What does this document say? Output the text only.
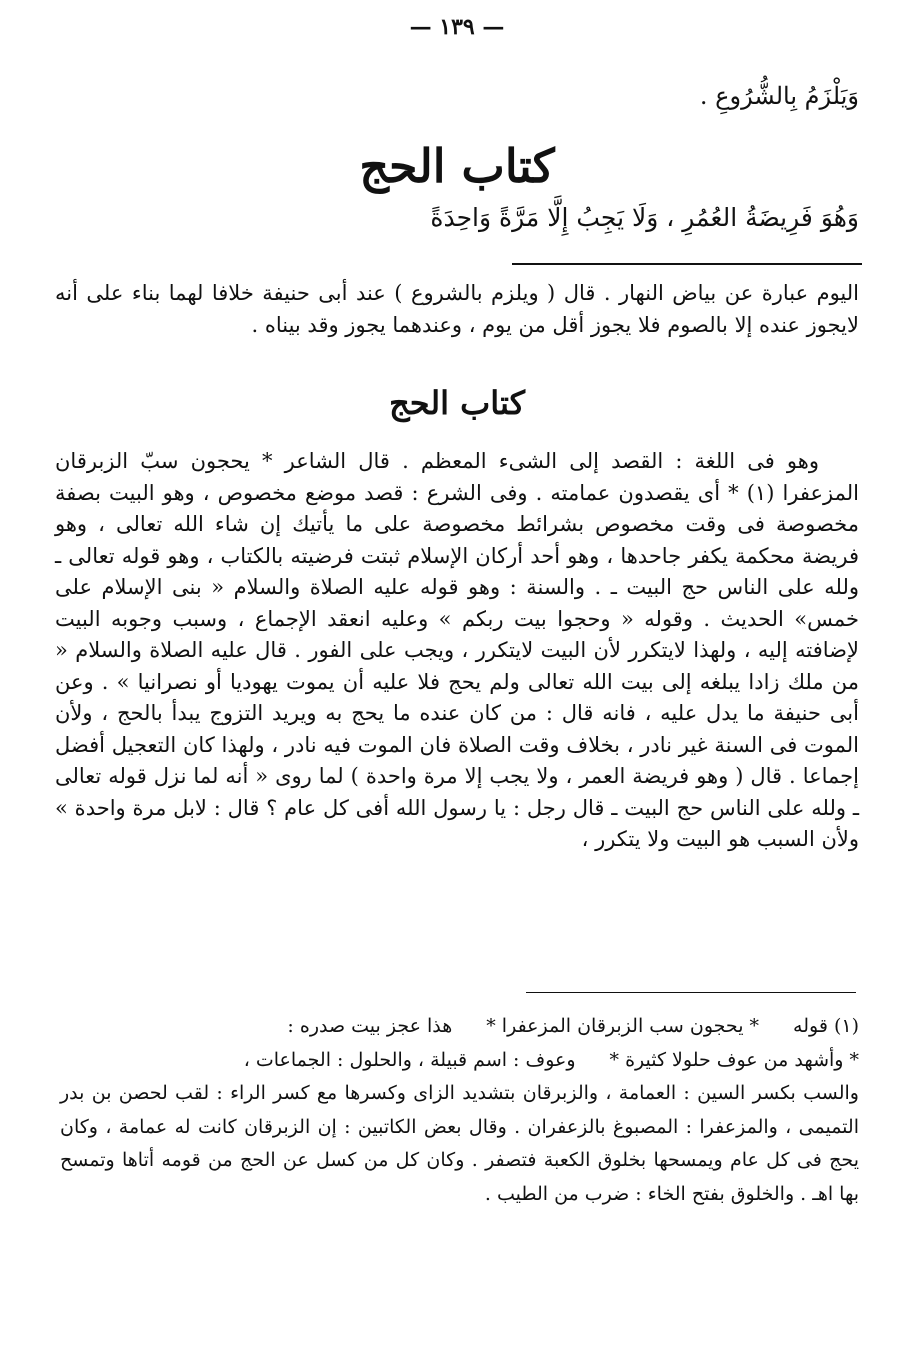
— ١٣٩ —
وَيَلْزَمُ بِالشُّرُوعِ .
كتاب الحج
وَهُوَ فَرِيضَةُ العُمُرِ ، وَلَا يَجِبُ إِلَّا مَرَّةً وَاحِدَةً

اليوم عبارة عن بياض النهار . قال ( ويلزم بالشروع ) عند أبى حنيفة خلافا لهما بناء على أنه لايجوز عنده إلا بالصوم فلا يجوز أقل من يوم ، وعندهما يجوز وقد بيناه .

كتاب الحج

وهو فى اللغة : القصد إلى الشىء المعظم . قال الشاعر * يحجون سبّ الزبرقان المزعفرا (١) * أى يقصدون عمامته . وفى الشرع : قصد موضع مخصوص ، وهو البيت بصفة مخصوصة فى وقت مخصوص بشرائط مخصوصة على ما يأتيك إن شاء الله تعالى ، وهو فريضة محكمة يكفر جاحدها ، وهو أحد أركان الإسلام ثبتت فرضيته بالكتاب ، وهو قوله تعالى ـ ولله على الناس حج البيت ـ . والسنة : وهو قوله عليه الصلاة والسلام « بنى الإسلام على خمس» الحديث . وقوله « وحجوا بيت ربكم » وعليه انعقد الإجماع ، وسبب وجوبه البيت لإضافته إليه ، ولهذا لايتكرر لأن البيت لايتكرر ، ويجب على الفور . قال عليه الصلاة والسلام « من ملك زادا يبلغه إلى بيت الله تعالى ولم يحج فلا عليه أن يموت يهوديا أو نصرانيا » . وعن أبى حنيفة ما يدل عليه ، فانه قال : من كان عنده ما يحج به ويريد التزوج يبدأ بالحج ، ولأن الموت فى السنة غير نادر ، بخلاف وقت الصلاة فان الموت فيه نادر ، ولهذا كان التعجيل أفضل إجماعا . قال ( وهو فريضة العمر ، ولا يجب إلا مرة واحدة ) لما روى « أنه لما نزل قوله تعالى ـ ولله على الناس حج البيت ـ قال رجل : يا رسول الله أفى كل عام ؟ قال : لابل مرة واحدة » ولأن السبب هو البيت ولا يتكرر ،

(١) قوله
* يحجون سب الزبرقان المزعفرا *
هذا عجز بيت صدره :
* وأشهد من عوف حلولا كثيرة *
وعوف : اسم قبيلة ، والحلول : الجماعات ،

والسب بكسر السين : العمامة ، والزبرقان بتشديد الزاى وكسرها مع كسر الراء : لقب لحصن بن بدر التميمى ، والمزعفرا : المصبوغ بالزعفران . وقال بعض الكاتبين : إن الزبرقان كانت له عمامة ، وكان يحج فى كل عام ويمسحها بخلوق الكعبة فتصفر . وكان كل من كسل عن الحج من قومه أتاها وتمسح بها اهـ . والخلوق بفتح الخاء : ضرب من الطيب .
